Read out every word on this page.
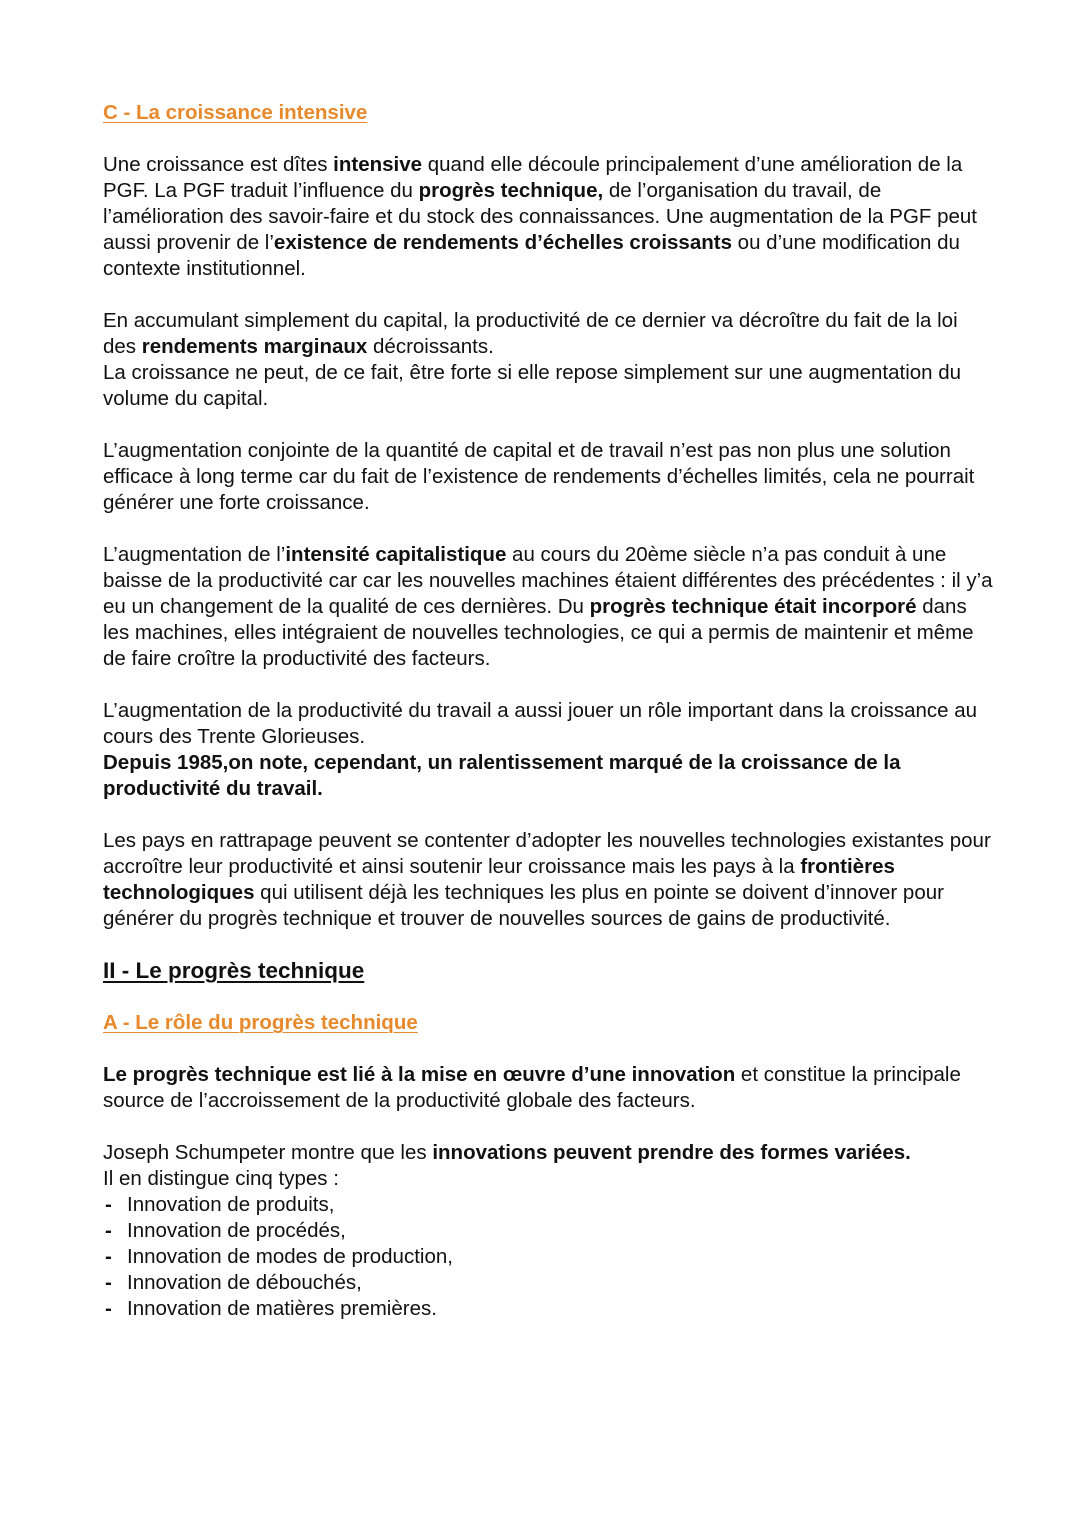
C - La croissance intensive

Une croissance est dîtes intensive quand elle découle principalement d’une amélioration de la PGF. La PGF traduit l’influence du progrès technique, de l’organisation du travail, de l’amélioration des savoir-faire et du stock des connaissances. Une augmentation de la PGF peut aussi provenir de l’existence de rendements d’échelles croissants ou d’une modification du contexte institutionnel.

En accumulant simplement du capital, la productivité de ce dernier va décroître du fait de la loi des rendements marginaux décroissants.

La croissance ne peut, de ce fait, être forte si elle repose simplement sur une augmentation du volume du capital.

L’augmentation conjointe de la quantité de capital et de travail n’est pas non plus une solution efficace à long terme car du fait de l’existence de rendements d’échelles limités, cela ne pourrait générer une forte croissance.

L’augmentation de l’intensité capitalistique au cours du 20ème siècle n’a pas conduit à une baisse de la productivité car car les nouvelles machines étaient différentes des précédentes : il y’a eu un changement de la qualité de ces dernières. Du progrès technique était incorporé dans les machines, elles intégraient de nouvelles technologies, ce qui a permis de maintenir et même de faire croître la productivité des facteurs.

L’augmentation de la productivité du travail a aussi jouer un rôle important dans la croissance au cours des Trente Glorieuses.

Depuis 1985,on note, cependant, un ralentissement marqué de la croissance de la productivité du travail.

Les pays en rattrapage peuvent se contenter d’adopter les nouvelles technologies existantes pour accroître leur productivité et ainsi soutenir leur croissance mais les pays à la frontières technologiques qui utilisent déjà les techniques les plus en pointe se doivent d’innover pour générer du progrès technique et trouver de nouvelles sources de gains de productivité.

II - Le progrès technique
A - Le rôle du progrès technique

Le progrès technique est lié à la mise en œuvre d’une innovation et constitue la principale source de l’accroissement de la productivité globale des facteurs.

Joseph Schumpeter montre que les innovations peuvent prendre des formes variées.

Il en distingue cinq types :

- Innovation de produits,
- Innovation de procédés,
- Innovation de modes de production,
- Innovation de débouchés,
- Innovation de matières premières.
